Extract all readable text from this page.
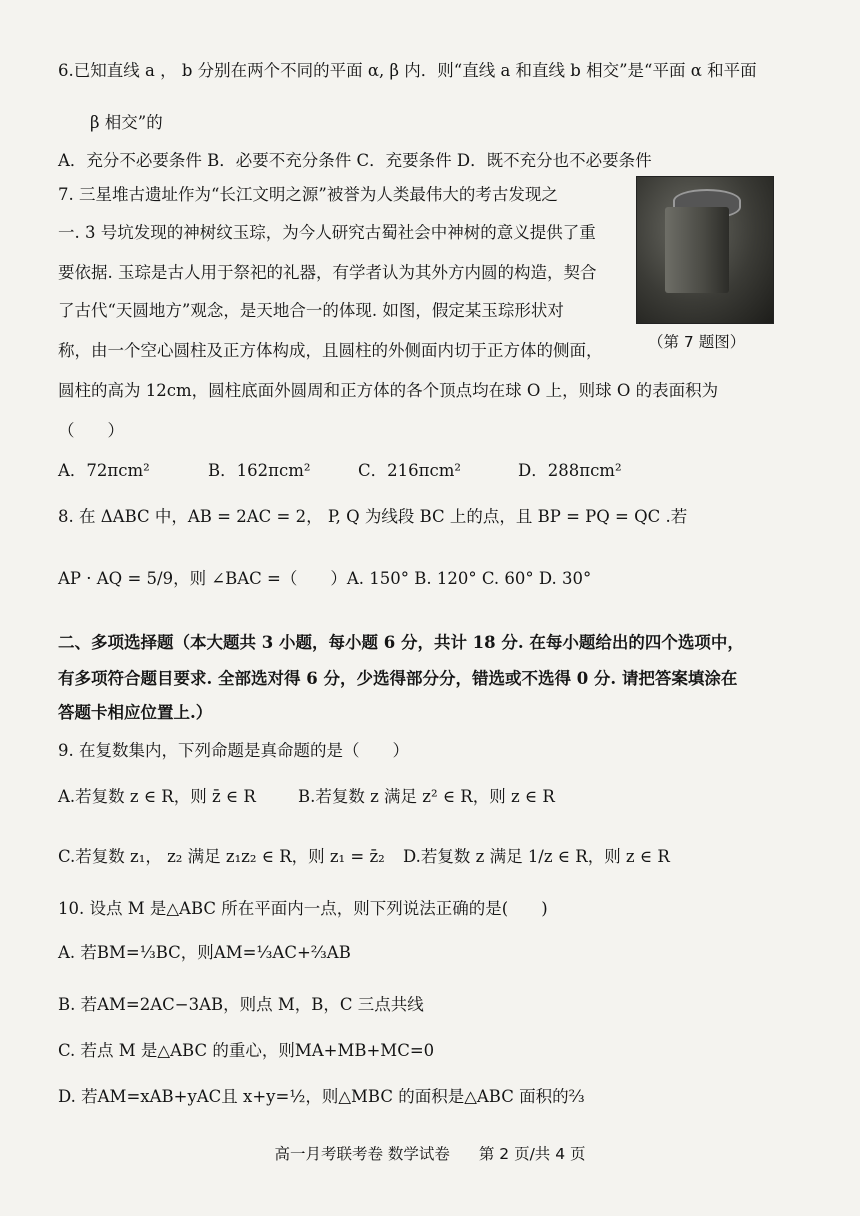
6.已知直线 a ， b 分别在两个不同的平面 α, β 内．则“直线 a 和直线 b 相交”是“平面 α 和平面
β 相交”的
A．充分不必要条件 B．必要不充分条件 C．充要条件 D．既不充分也不必要条件
7. 三星堆古遗址作为“长江文明之源”被誉为人类最伟大的考古发现之
一. 3 号坑发现的神树纹玉琮，为今人研究古蜀社会中神树的意义提供了重
要依据. 玉琮是古人用于祭祀的礼器，有学者认为其外方内圆的构造，契合
了古代“天圆地方”观念，是天地合一的体现. 如图，假定某玉琮形状对
称，由一个空心圆柱及正方体构成，且圆柱的外侧面内切于正方体的侧面，
圆柱的高为 12cm，圆柱底面外圆周和正方体的各个顶点均在球 O 上，则球 O 的表面积为
（　　）
（第 7 题图）
A．72πcm²	B．162πcm²	C．216πcm²	D．288πcm²
8. 在 ΔABC 中，AB = 2AC = 2， P, Q 为线段 BC 上的点，且 BP = PQ = QC .若
AP · AQ = 5/9，则 ∠BAC =（　　）A. 150° B. 120° C. 60° D. 30°
二、多项选择题（本大题共 3 小题，每小题 6 分，共计 18 分. 在每小题给出的四个选项中，
有多项符合题目要求. 全部选对得 6 分，少选得部分分，错选或不选得 0 分. 请把答案填涂在
答题卡相应位置上.）
9. 在复数集内，下列命题是真命题的是（　　）
A.若复数 z ∈ R，则 z̄ ∈ R	B.若复数 z 满足 z² ∈ R，则 z ∈ R
C.若复数 z₁， z₂ 满足 z₁z₂ ∈ R，则 z₁ = z̄₂ D.若复数 z 满足 1/z ∈ R，则 z ∈ R
10. 设点 M 是△ABC 所在平面内一点，则下列说法正确的是(　　)
A. 若BM=⅓BC，则AM=⅓AC+⅔AB
B. 若AM=2AC−3AB，则点 M，B，C 三点共线
C. 若点 M 是△ABC 的重心，则MA+MB+MC=0
D. 若AM=xAB+yAC且 x+y=½，则△MBC 的面积是△ABC 面积的⅔
高一月考联考卷 数学试卷 第 2 页/共 4 页
